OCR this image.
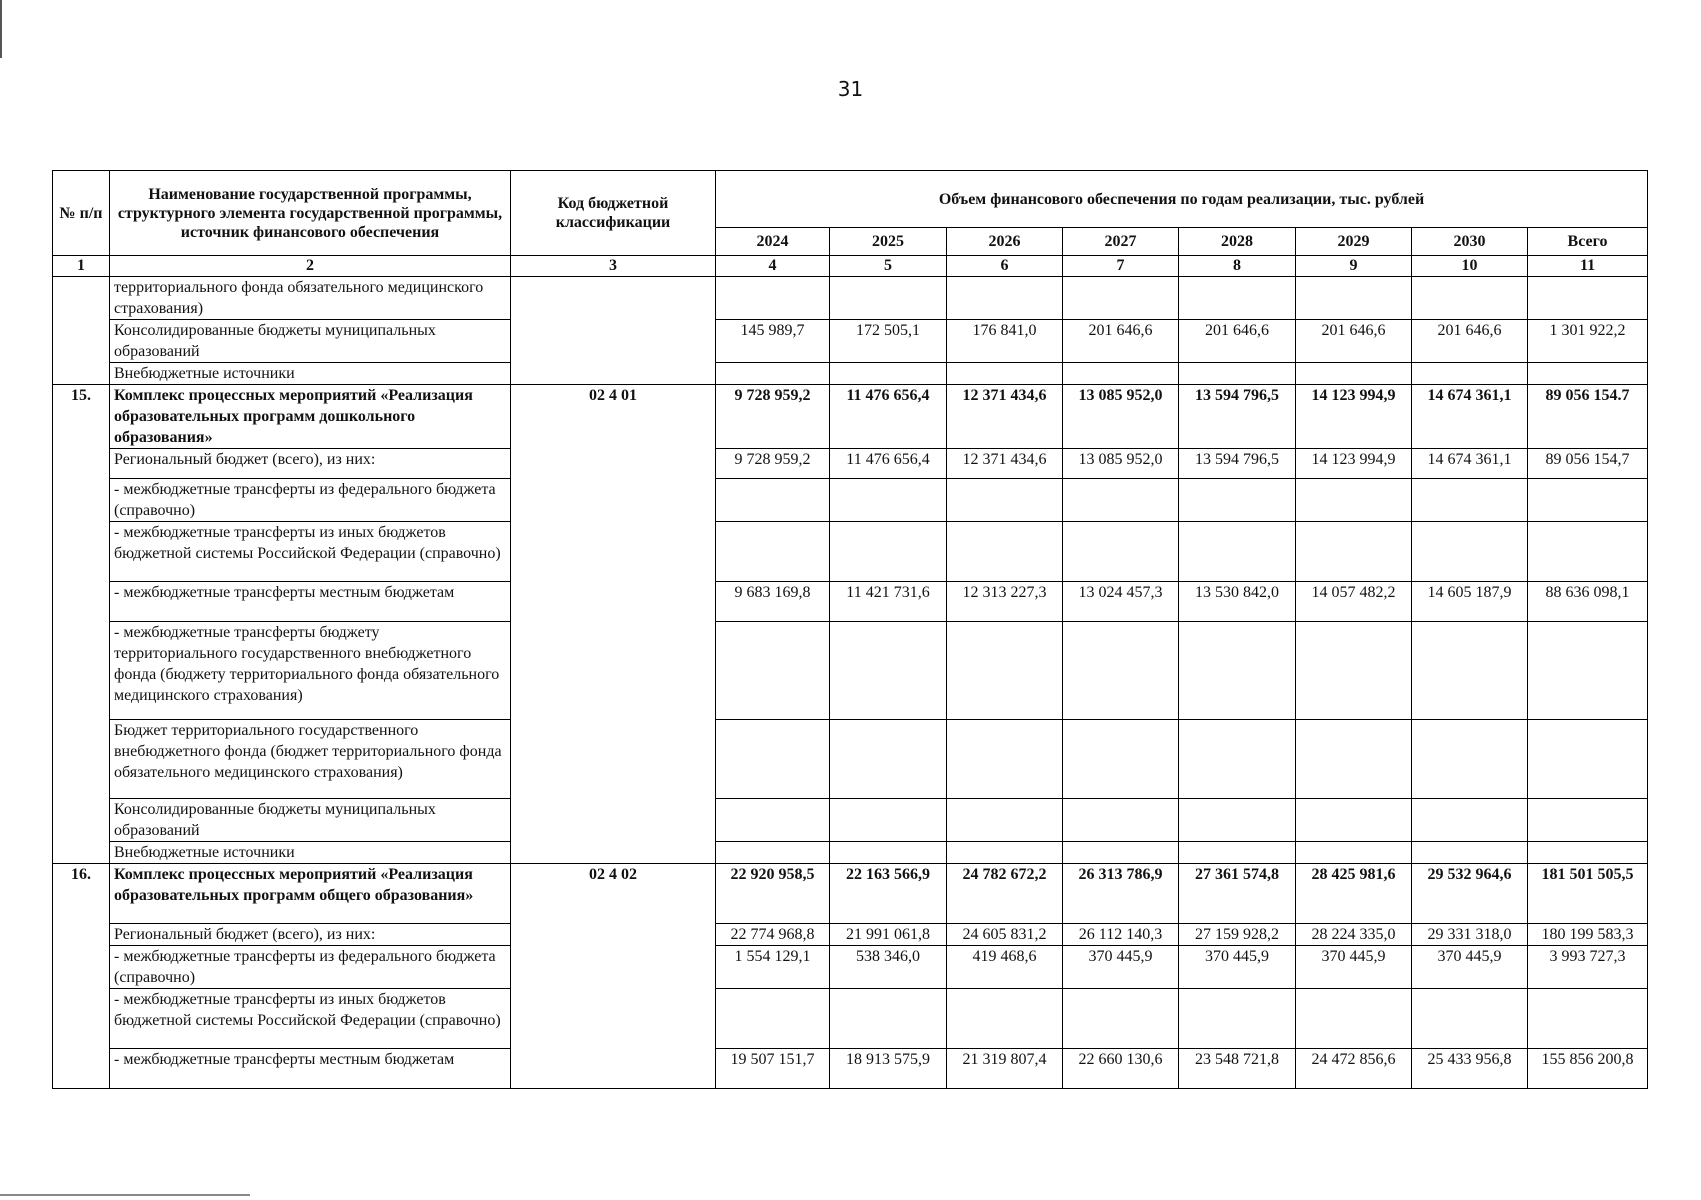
31
№ п/п	Наименование государственной программы, структурного элемента государственной программы, источник финансового обеспечения	Код бюджетной классификации	Объем финансового обеспечения по годам реализации, тыс. рублей							
			2024	2025	2026	2027	2028	2029	2030	Всего
1	2	3	4	5	6	7	8	9	10	11
	территориального фонда обязательного медицинского страхования)									
	Консолидированные бюджеты муниципальных образований		145 989,7	172 505,1	176 841,0	201 646,6	201 646,6	201 646,6	201 646,6	1 301 922,2
	Внебюджетные источники									
15.	Комплекс процессных мероприятий «Реализация образовательных программ дошкольного образования»	02 4 01	9 728 959,2	11 476 656,4	12 371 434,6	13 085 952,0	13 594 796,5	14 123 994,9	14 674 361,1	89 056 154.7
	Региональный бюджет (всего), из них:		9 728 959,2	11 476 656,4	12 371 434,6	13 085 952,0	13 594 796,5	14 123 994,9	14 674 361,1	89 056 154,7
	- межбюджетные трансферты из федерального бюджета (справочно)									
	- межбюджетные трансферты из иных бюджетов бюджетной системы Российской Федерации (справочно)									
	- межбюджетные трансферты местным бюджетам		9 683 169,8	11 421 731,6	12 313 227,3	13 024 457,3	13 530 842,0	14 057 482,2	14 605 187,9	88 636 098,1
	- межбюджетные трансферты бюджету территориального государственного внебюджетного фонда (бюджету территориального фонда обязательного медицинского страхования)									
	Бюджет территориального государственного внебюджетного фонда (бюджет территориального фонда обязательного медицинского страхования)									
	Консолидированные бюджеты муниципальных образований									
	Внебюджетные источники									
16.	Комплекс процессных мероприятий «Реализация образовательных программ общего образования»	02 4 02	22 920 958,5	22 163 566,9	24 782 672,2	26 313 786,9	27 361 574,8	28 425 981,6	29 532 964,6	181 501 505,5
	Региональный бюджет (всего), из них:		22 774 968,8	21 991 061,8	24 605 831,2	26 112 140,3	27 159 928,2	28 224 335,0	29 331 318,0	180 199 583,3
	- межбюджетные трансферты из федерального бюджета (справочно)		1 554 129,1	538 346,0	419 468,6	370 445,9	370 445,9	370 445,9	370 445,9	3 993 727,3
	- межбюджетные трансферты из иных бюджетов бюджетной системы Российской Федерации (справочно)									
	- межбюджетные трансферты местным бюджетам		19 507 151,7	18 913 575,9	21 319 807,4	22 660 130,6	23 548 721,8	24 472 856,6	25 433 956,8	155 856 200,8
